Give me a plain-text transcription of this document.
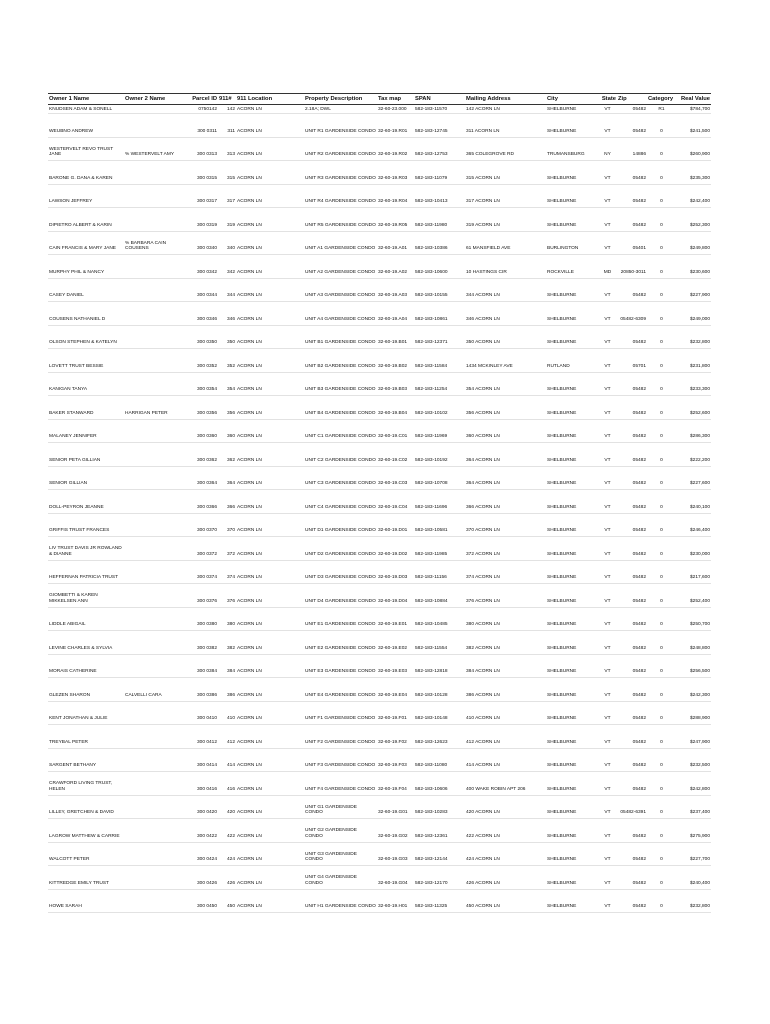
Owner 1 Name	Owner 2 Name	Parcel ID	911#	911 Location	Property Description	Tax map	SPAN	Mailing Address	City	State	Zip	Category	Real Value

KNUDSEN ADAM & SONELL		0750142	142	ACORN LN	2.18A; DWL	32-60-23.000	582-183-11570	142 ACORN LN	SHELBURNE	VT	05482	R1	$784,700

WEUBNO ANDREW		300 0311	311	ACORN LN	UNIT R1 GARDENSIDE CONDO	32-60-19.R01	582-183-12745	311 ACORN LN	SHELBURNE	VT	05482	0	$241,500

WESTERVELT REVO TRUST JANE	% WESTERVELT AMY	300 0313	313	ACORN LN	UNIT R2 GARDENSIDE CONDO	32-60-19.R02	582-183-12753	365 COLEGROVE RD	TRUMANSBURG	NY	14886	0	$260,900

BARONE G. DANA & KAREN		300 0315	315	ACORN LN	UNIT R3 GARDENSIDE CONDO	32-60-19.R03	582-183-11079	315 ACORN LN	SHELBURNE	VT	05482	0	$235,300

LAWSON JEFFREY		300 0317	317	ACORN LN	UNIT R4 GARDENSIDE CONDO	32-60-19.R04	582-183-10413	317 ACORN LN	SHELBURNE	VT	05482	0	$242,400

DIPIETRO ALBERT & KARIN		300 0319	319	ACORN LN	UNIT R5 GARDENSIDE CONDO	32-60-19.R05	582-183-11980	319 ACORN LN	SHELBURNE	VT	05482	0	$252,300

CAIN FRANCIS & MARY JANE	% BARBARA CAIN COUSENS	300 0340	340	ACORN LN	UNIT A1 GARDENSIDE CONDO	32-60-19.A01	582-183-10386	61 MANSFIELD AVE	BURLINGTON	VT	05401	0	$249,800

MURPHY PHIL & NANCY		300 0342	342	ACORN LN	UNIT A2 GARDENSIDE CONDO	32-60-19.A02	582-183-10600	10 HASTINGS CIR	ROCKVILLE	MD	20850-3011	0	$230,600

CASEY DANIEL		300 0344	344	ACORN LN	UNIT A3 GARDENSIDE CONDO	32-60-19.A03	582-183-10155	344 ACORN LN	SHELBURNE	VT	05482	0	$227,900

COUSENS NATHANIEL D		300 0346	346	ACORN LN	UNIT A4 GARDENSIDE CONDO	32-60-19.A04	582-183-10861	346 ACORN LN	SHELBURNE	VT	05482-6309	0	$249,000

OLSON STEPHEN & KATELYN		300 0350	350	ACORN LN	UNIT B1 GARDENSIDE CONDO	32-60-19.B01	582-183-12371	350 ACORN LN	SHELBURNE	VT	05482	0	$232,800

LOVETT TRUST BESSIE		300 0352	352	ACORN LN	UNIT B2 GARDENSIDE CONDO	32-60-19.B02	582-183-11584	1434 MCKINLEY AVE	RUTLAND	VT	05701	0	$231,800

KANIGAN TANYA		300 0354	354	ACORN LN	UNIT B3 GARDENSIDE CONDO	32-60-19.B03	582-183-11254	354 ACORN LN	SHELBURNE	VT	05482	0	$233,300

BAKER STANWARD	HARRIGAN PETER	300 0356	356	ACORN LN	UNIT B4 GARDENSIDE CONDO	32-60-19.B04	582-183-10102	356 ACORN LN	SHELBURNE	VT	05482	0	$252,600

MALANEY JENNIFER		300 0360	360	ACORN LN	UNIT C1 GARDENSIDE CONDO	32-60-19.C01	582-183-11969	360 ACORN LN	SHELBURNE	VT	05482	0	$286,300

SENIOR PETA GILLIAN		300 0362	362	ACORN LN	UNIT C2 GARDENSIDE CONDO	32-60-19.C02	582-183-10192	364 ACORN LN	SHELBURNE	VT	05482	0	$222,200

SENIOR GILLIAN		300 0364	364	ACORN LN	UNIT C3 GARDENSIDE CONDO	32-60-19.C03	582-183-10708	364 ACORN LN	SHELBURNE	VT	05482	0	$227,600

DOLL-PEYRON JEANNE		300 0366	366	ACORN LN	UNIT C4 GARDENSIDE CONDO	32-60-19.C04	582-183-11696	366 ACORN LN	SHELBURNE	VT	05482	0	$240,100

GRIFFIS TRUST FRANCES		300 0370	370	ACORN LN	UNIT D1 GARDENSIDE CONDO	32-60-19.D01	582-183-10581	370 ACORN LN	SHELBURNE	VT	05482	0	$246,400

LIV TRUST DAVIS JR ROWLAND & DIANNE		300 0372	372	ACORN LN	UNIT D2 GARDENSIDE CONDO	32-60-19.D02	582-183-11985	372 ACORN LN	SHELBURNE	VT	05482	0	$230,000

HEFFERNAN PATRICIA TRUST		300 0374	374	ACORN LN	UNIT D3 GARDENSIDE CONDO	32-60-19.D03	582-183-11156	374 ACORN LN	SHELBURNE	VT	05482	0	$217,600

GIOMBETTI & KAREN MIKKELSEN ANN		300 0376	376	ACORN LN	UNIT D4 GARDENSIDE CONDO	32-60-19.D04	582-183-10884	376 ACORN LN	SHELBURNE	VT	05482	0	$252,400

LIDDLE ABIGAIL		300 0380	380	ACORN LN	UNIT E1 GARDENSIDE CONDO	32-60-19.E01	582-183-10485	380 ACORN LN	SHELBURNE	VT	05482	0	$250,700

LEVINE CHARLES & SYLVIA		300 0382	382	ACORN LN	UNIT E2 GARDENSIDE CONDO	32-60-19.E02	582-183-11554	382 ACORN LN	SHELBURNE	VT	05482	0	$248,800

MORAIS CATHERINE		300 0384	384	ACORN LN	UNIT E3 GARDENSIDE CONDO	32-60-19.E03	582-183-12818	384 ACORN LN	SHELBURNE	VT	05482	0	$256,500

GLEZEN SHARON	CALVELLI CARA	300 0386	386	ACORN LN	UNIT E4 GARDENSIDE CONDO	32-60-19.E04	582-183-10128	386 ACORN LN	SHELBURNE	VT	05482	0	$242,300

KENT JONATHAN & JULIE		300 0410	410	ACORN LN	UNIT F1 GARDENSIDE CONDO	32-60-19.F01	582-183-10148	410 ACORN LN	SHELBURNE	VT	05482	0	$288,900

TREYBAL PETER		300 0412	412	ACORN LN	UNIT F2 GARDENSIDE CONDO	32-60-19.F02	582-183-12623	412 ACORN LN	SHELBURNE	VT	05482	0	$247,900

SARGENT BETHANY		300 0414	414	ACORN LN	UNIT F3 GARDENSIDE CONDO	32-60-19.F03	582-183-11080	414 ACORN LN	SHELBURNE	VT	05482	0	$232,500

CRAWFORD LIVING TRUST, HELEN		300 0416	416	ACORN LN	UNIT F4 GARDENSIDE CONDO	32-60-19.F04	582-183-10606	400 WAKE ROBIN APT 206	SHELBURNE	VT	05482	0	$242,800

LILLEY, GRETCHEN & DAVID		300 0420	420	ACORN LN	UNIT G1 GARDENSIDE CONDO	32-60-19.G01	582-183-10283	420 ACORN LN	SHELBURNE	VT	05482-6391	0	$237,400

LAGROW MATTHEW & CARRIE		300 0422	422	ACORN LN	UNIT G2 GARDENSIDE CONDO	32-60-19.G02	582-183-12361	422 ACORN LN	SHELBURNE	VT	05482	0	$275,900

WALCOTT PETER		300 0424	424	ACORN LN	UNIT G3 GARDENSIDE CONDO	32-60-19.G03	582-183-12144	424 ACORN LN	SHELBURNE	VT	05482	0	$227,700

KITTREDGE EMILY TRUST		300 0426	426	ACORN LN	UNIT G4 GARDENSIDE CONDO	32-60-19.G04	582-183-12170	426 ACORN LN	SHELBURNE	VT	05482	0	$240,400

HOWE SARAH		300 0450	450	ACORN LN	UNIT H1 GARDENSIDE CONDO	32-60-19.H01	582-183-11325	450 ACORN LN	SHELBURNE	VT	05482	0	$232,800
